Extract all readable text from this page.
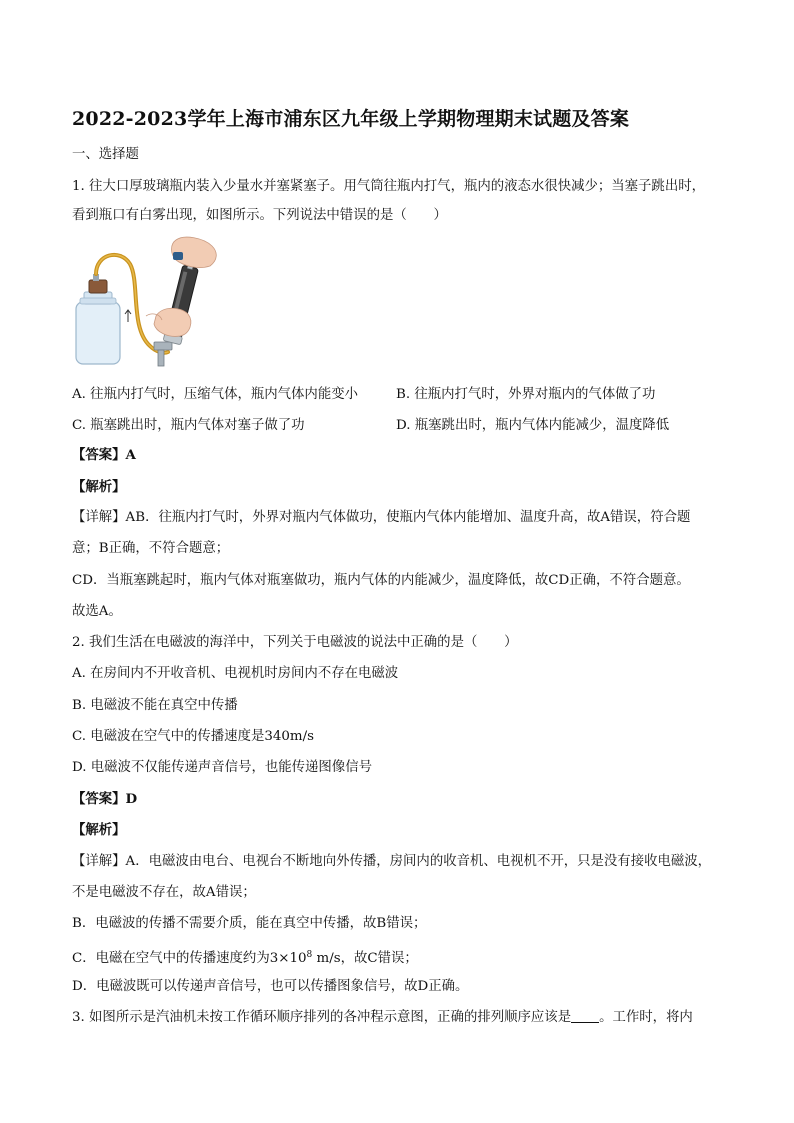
2022-2023学年上海市浦东区九年级上学期物理期末试题及答案
一、选择题
1. 往大口厚玻璃瓶内装入少量水并塞紧塞子。用气筒往瓶内打气，瓶内的液态水很快减少；当塞子跳出时，
看到瓶口有白雾出现，如图所示。下列说法中错误的是（　　）
A. 往瓶内打气时，压缩气体，瓶内气体内能变小	B. 往瓶内打气时，外界对瓶内的气体做了功
C. 瓶塞跳出时，瓶内气体对塞子做了功	D. 瓶塞跳出时，瓶内气体内能减少，温度降低
【答案】A
【解析】
【详解】AB．往瓶内打气时，外界对瓶内气体做功，使瓶内气体内能增加、温度升高，故A错误，符合题
意；B正确，不符合题意；
CD．当瓶塞跳起时，瓶内气体对瓶塞做功，瓶内气体的内能减少，温度降低，故CD正确，不符合题意。
故选A。
2. 我们生活在电磁波的海洋中，下列关于电磁波的说法中正确的是（　　）
A. 在房间内不开收音机、电视机时房间内不存在电磁波
B. 电磁波不能在真空中传播
C. 电磁波在空气中的传播速度是340m/s
D. 电磁波不仅能传递声音信号，也能传递图像信号
【答案】D
【解析】
【详解】A．电磁波由电台、电视台不断地向外传播，房间内的收音机、电视机不开，只是没有接收电磁波，
不是电磁波不存在，故A错误；
B．电磁波的传播不需要介质，能在真空中传播，故B错误；
C．电磁在空气中的传播速度约为$3\times 10^8$ m/s，故C错误；
D．电磁波既可以传递声音信号，也可以传播图象信号，故D正确。
3. 如图所示是汽油机未按工作循环顺序排列的各冲程示意图，正确的排列顺序应该是 。工作时，将内
